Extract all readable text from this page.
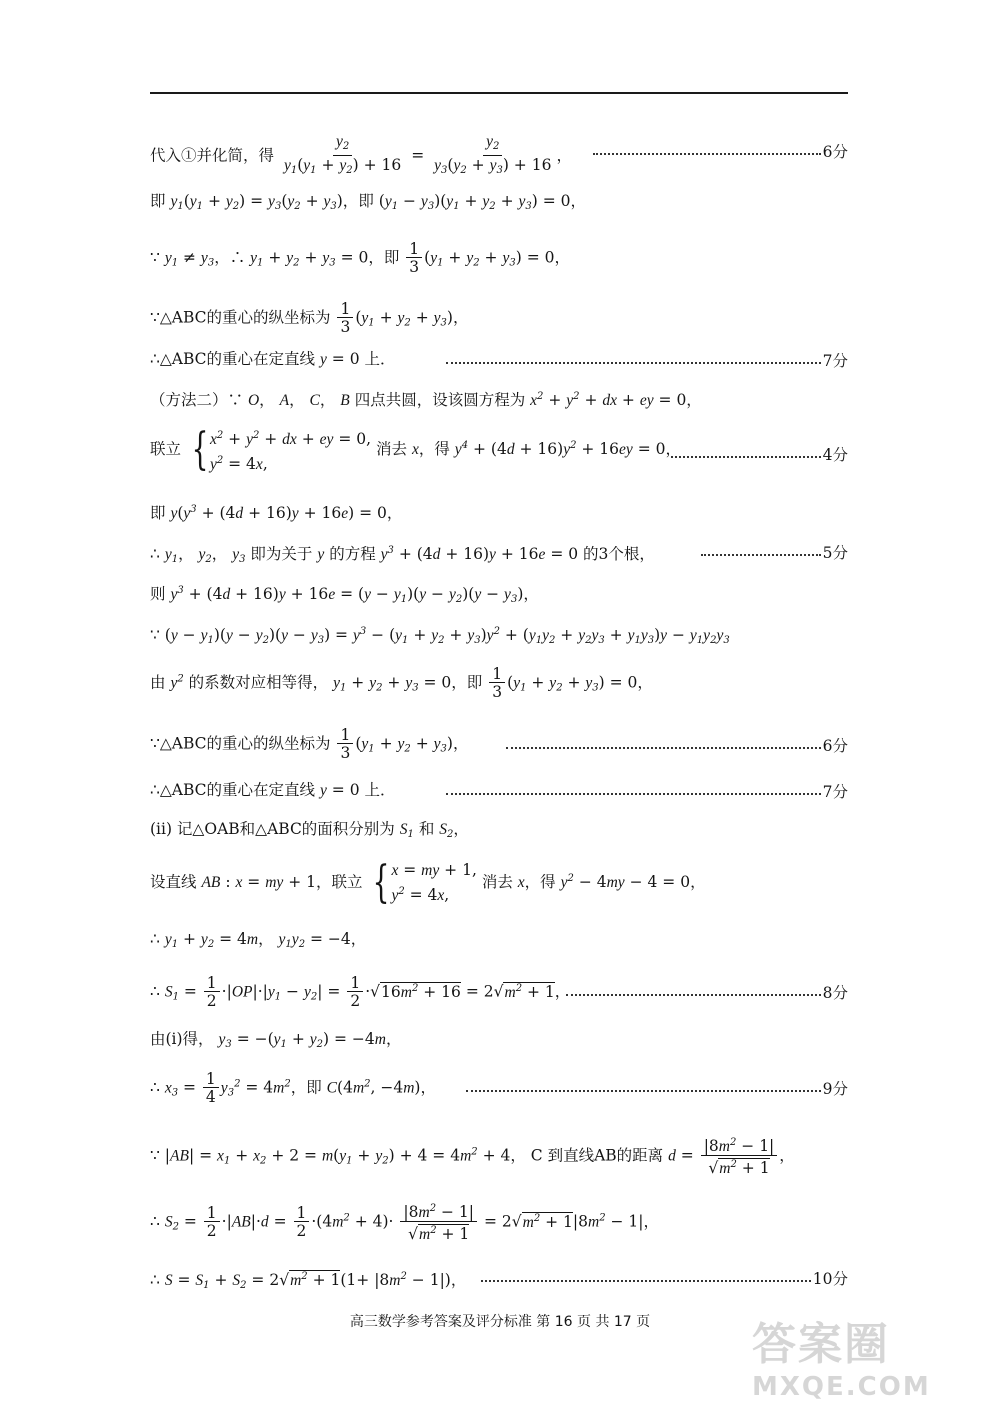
代入①并化简，得 $\frac{y_2}{y_1(y_1 + y_2) + 16} = \frac{y_2}{y_3(y_2 + y_3) + 16}$ ，	6分
即 $y_1(y_1 + y_2) = y_3(y_2 + y_3)$，即 $(y_1 - y_3)(y_1 + y_2 + y_3) = 0$，
∵ $y_1 \ne y_3$，∴ $y_1 + y_2 + y_3 = 0$，即 $\frac{1}{3} (y_1 + y_2 + y_3) = 0$，
∵△ABC的重心的纵坐标为 $\frac{1}{3} (y_1 + y_2 + y_3)$，
∴△ABC的重心在定直线 y = 0 上．	7分
（方法二）∵ O， A， C， B 四点共圆，设该圆方程为 $x^2 + y^2$ + dx + ey = 0，
联立 { $x^2 + y^2$ + dx + ey = 0,
$y^2 = 4x$,
消去 x，得 $y^4 + (4d + 16)y^2 + 16ey = 0$，	4分
即 $y(y^3 + (4d + 16)y + 16e) = 0$，
∴ $y_1$， $y_2$， $y_3$ 即为关于 y 的方程 $y^3 + (4d + 16)y + 16e = 0$ 的3个根，	5分
则 $y^3 + (4d + 16)y + 16e = (y - y_1)(y - y_2)(y - y_3)$，
∵ $(y - y_1)(y - y_2)(y - y_3) = y^3 - (y_1 + y_2 + y_3)y^2 + (y_1y_2 + y_2y_3 + y_1y_3)y - y_1y_2y_3$
由 $y^2$ 的系数对应相等得， $y_1 + y_2 + y_3 = 0$，即 $\frac{1}{3} (y_1 + y_2 + y_3) = 0$，
∵△ABC的重心的纵坐标为 $\frac{1}{3} (y_1 + y_2 + y_3)$，	6分
∴△ABC的重心在定直线 y = 0 上．	7分
(ii) 记△OAB和△ABC的面积分别为 $S_1$ 和 $S_2$，
设直线 AB : x = my + 1，联立 { x = my + 1,
$y^2 = 4x$,
消去 x，得 $y^2 - 4my - 4 = 0$，
∴ $y_1 + y_2 = 4m$， $y_1y_2 = -4$，
∴ $S_1 = \frac{1}{2} \cdot|OP|\cdot|y_1 - y_2| = \frac{1}{2} \cdot√16m^2 + 16 = 2√m^2 + 1$，	8分
由(i)得， $y_3 = -(y_1 + y_2) = -4m$，
∴ $x_3 = \frac{1}{4} y_3^2 = 4m^2$，即 $C(4m^2$, −4m)，	9分
∵ $|AB| = x_1 + x_2 + 2 = m(y_1 + y_2) + 4 = 4m^2 + 4$， C 到直线AB的距离 $d = \frac{|8m^2 - 1|}{√m^2 + 1}$ ，
∴ $S_2 = \frac{1}{2} \cdot|AB|\cdot d = \frac{1}{2} \cdot(4m^2 + 4)\cdot \frac{|8m^2 - 1|}{√m^2 + 1} = 2√m^2 + 1|8m^2 - 1|$，
∴ $S = S_1 + S_2 = 2√m^2 + 1(1+ |8m^2 - 1|)$，	10分
高三数学参考答案及评分标准 第 16 页 共 17 页	答案圈
MXQE.COM
